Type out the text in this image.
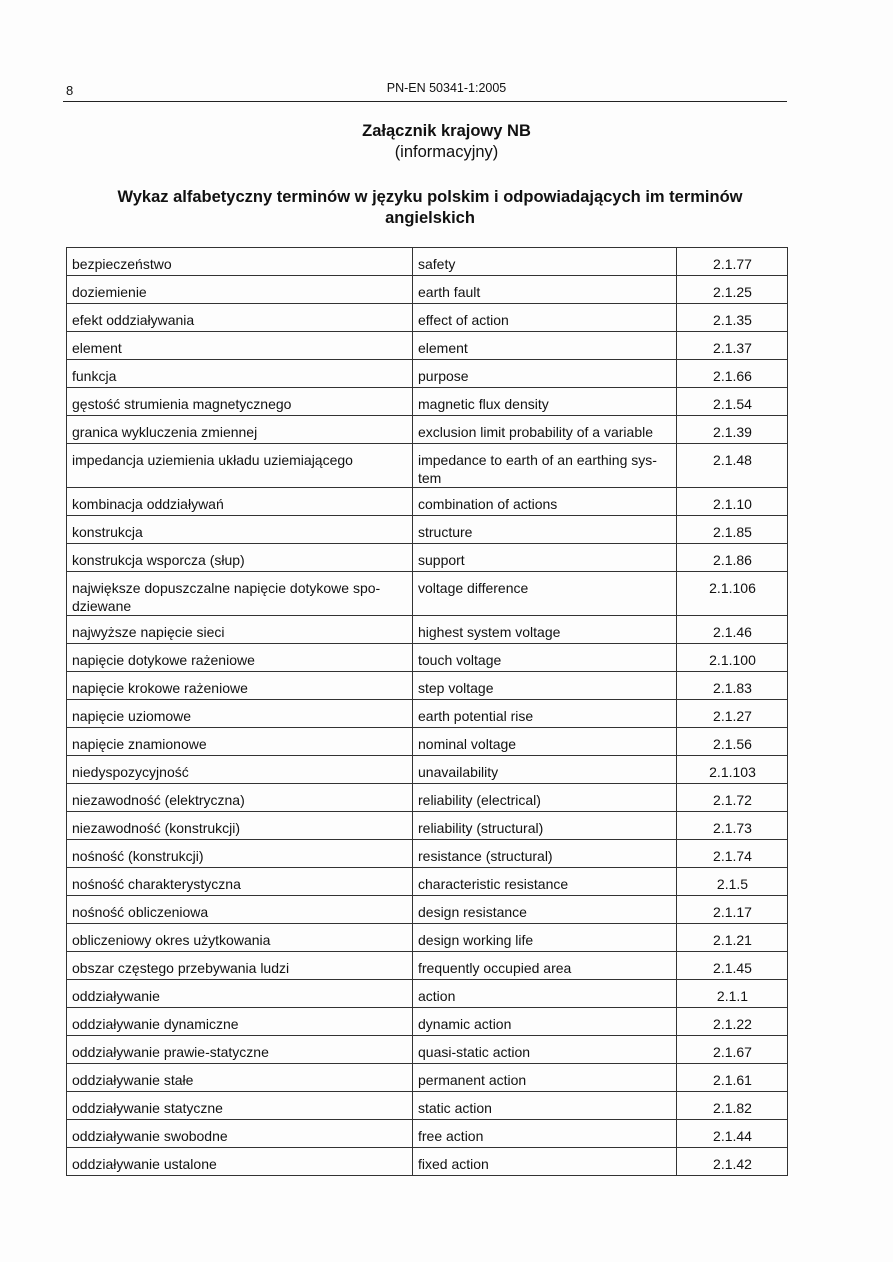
8	PN-EN 50341-1:2005
Załącznik krajowy NB
(informacyjny)
Wykaz alfabetyczny terminów w języku polskim i odpowiadających im terminów angielskich
bezpieczeństwo	safety	2.1.77
doziemienie	earth fault	2.1.25
efekt oddziaływania	effect of action	2.1.35
element	element	2.1.37
funkcja	purpose	2.1.66
gęstość strumienia magnetycznego	magnetic flux density	2.1.54
granica wykluczenia zmiennej	exclusion limit probability of a variable	2.1.39
impedancja uziemienia układu uziemiającego	impedance to earth of an earthing sys-tem	2.1.48
kombinacja oddziaływań	combination of actions	2.1.10
konstrukcja	structure	2.1.85
konstrukcja wsporcza (słup)	support	2.1.86
największe dopuszczalne napięcie dotykowe spo-dziewane	voltage difference	2.1.106
najwyższe napięcie sieci	highest system voltage	2.1.46
napięcie dotykowe rażeniowe	touch voltage	2.1.100
napięcie krokowe rażeniowe	step voltage	2.1.83
napięcie uziomowe	earth potential rise	2.1.27
napięcie znamionowe	nominal voltage	2.1.56
niedyspozycyjność	unavailability	2.1.103
niezawodność (elektryczna)	reliability (electrical)	2.1.72
niezawodność (konstrukcji)	reliability (structural)	2.1.73
nośność (konstrukcji)	resistance (structural)	2.1.74
nośność charakterystyczna	characteristic resistance	2.1.5
nośność obliczeniowa	design resistance	2.1.17
obliczeniowy okres użytkowania	design working life	2.1.21
obszar częstego przebywania ludzi	frequently occupied area	2.1.45
oddziaływanie	action	2.1.1
oddziaływanie dynamiczne	dynamic action	2.1.22
oddziaływanie prawie-statyczne	quasi-static action	2.1.67
oddziaływanie stałe	permanent action	2.1.61
oddziaływanie statyczne	static action	2.1.82
oddziaływanie swobodne	free action	2.1.44
oddziaływanie ustalone	fixed action	2.1.42
